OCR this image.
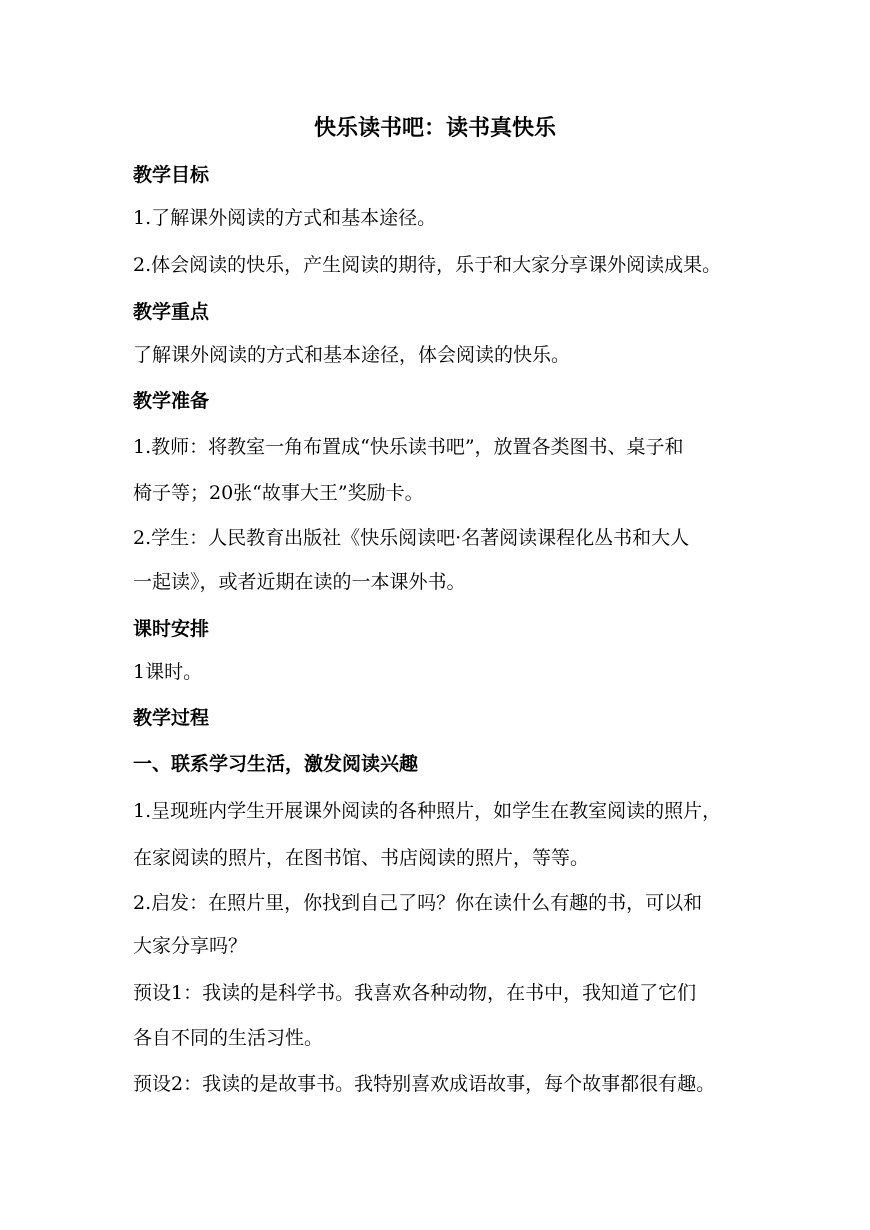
快乐读书吧：读书真快乐
教学目标
1.了解课外阅读的方式和基本途径。
2.体会阅读的快乐，产生阅读的期待，乐于和大家分享课外阅读成果。
教学重点
了解课外阅读的方式和基本途径，体会阅读的快乐。
教学准备
1.教师：将教室一角布置成“快乐读书吧”，放置各类图书、桌子和
椅子等；20张“故事大王”奖励卡。
2.学生：人民教育出版社《快乐阅读吧·名著阅读课程化丛书和大人
一起读》，或者近期在读的一本课外书。
课时安排
1课时。
教学过程
一、联系学习生活，激发阅读兴趣
1.呈现班内学生开展课外阅读的各种照片，如学生在教室阅读的照片，
在家阅读的照片，在图书馆、书店阅读的照片，等等。
2.启发：在照片里，你找到自己了吗？你在读什么有趣的书，可以和
大家分享吗？
预设1：我读的是科学书。我喜欢各种动物，在书中，我知道了它们
各自不同的生活习性。
预设2：我读的是故事书。我特别喜欢成语故事，每个故事都很有趣。
